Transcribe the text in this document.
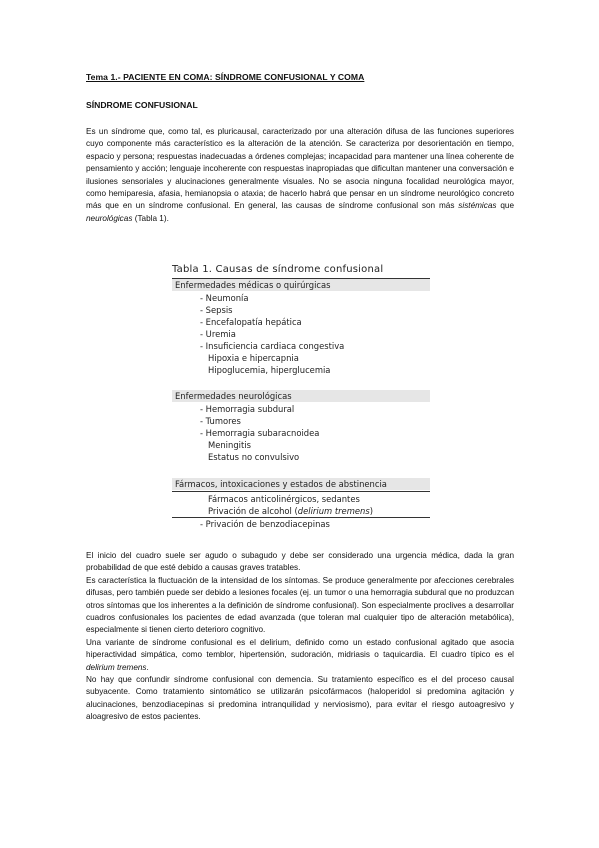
Tema 1.- PACIENTE EN COMA: SÍNDROME CONFUSIONAL Y COMA
SÍNDROME CONFUSIONAL

Es un síndrome que, como tal, es pluricausal, caracterizado por una alteración difusa de las funciones superiores cuyo componente más característico es la alteración de la atención. Se caracteriza por desorientación en tiempo, espacio y persona; respuestas inadecuadas a órdenes complejas; incapacidad para mantener una línea coherente de pensamiento y acción; lenguaje incoherente con respuestas inapropiadas que dificultan mantener una conversación e ilusiones sensoriales y alucinaciones generalmente visuales. No se asocia ninguna focalidad neurológica mayor, como hemiparesia, afasia, hemianopsia o ataxia; de hacerlo habrá que pensar en un síndrome neurológico concreto más que en un síndrome confusional. En general, las causas de síndrome confusional son más sistémicas que neurológicas (Tabla 1).

Tabla 1. Causas de síndrome confusional
Enfermedades médicas o quirúrgicas
- Neumonía
- Sepsis
- Encefalopatía hepática
- Uremia
- Insuficiencia cardiaca congestiva
Hipoxia e hipercapnia
Hipoglucemia, hiperglucemia
Enfermedades neurológicas
- Hemorragia subdural
- Tumores
- Hemorragia subaracnoidea
Meningitis
Estatus no convulsivo
Fármacos, intoxicaciones y estados de abstinencia
Fármacos anticolinérgicos, sedantes
Privación de alcohol (delirium tremens)
- Privación de benzodiacepinas

El inicio del cuadro suele ser agudo o subagudo y debe ser considerado una urgencia médica, dada la gran probabilidad de que esté debido a causas graves tratables.

Es característica la fluctuación de la intensidad de los síntomas. Se produce generalmente por afecciones cerebrales difusas, pero también puede ser debido a lesiones focales (ej. un tumor o una hemorragia subdural que no produzcan otros síntomas que los inherentes a la definición de síndrome confusional). Son especialmente proclives a desarrollar cuadros confusionales los pacientes de edad avanzada (que toleran mal cualquier tipo de alteración metabólica), especialmente si tienen cierto deterioro cognitivo.

Una variante de síndrome confusional es el delirium, definido como un estado confusional agitado que asocia hiperactividad simpática, como temblor, hipertensión, sudoración, midriasis o taquicardia. El cuadro típico es el delirium tremens.

No hay que confundir síndrome confusional con demencia. Su tratamiento específico es el del proceso causal subyacente. Como tratamiento sintomático se utilizarán psicofármacos (haloperidol si predomina agitación y alucinaciones, benzodiacepinas si predomina intranquilidad y nerviosismo), para evitar el riesgo autoagresivo y aloagresivo de estos pacientes.
